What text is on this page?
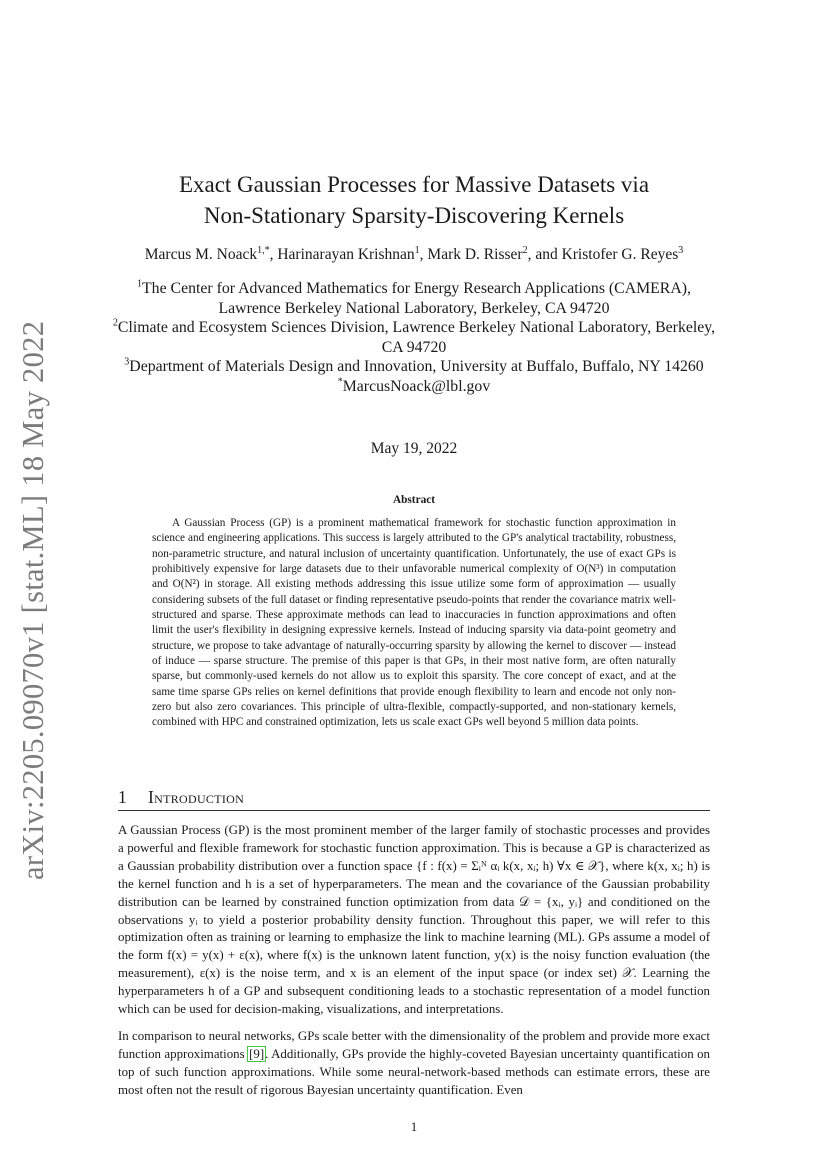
arXiv:2205.09070v1 [stat.ML] 18 May 2022
Exact Gaussian Processes for Massive Datasets via
Non-Stationary Sparsity-Discovering Kernels
Marcus M. Noack$^{1,*}$, Harinarayan Krishnan$^1$, Mark D. Risser$^2$, and Kristofer G. Reyes$^3$
$^1$The Center for Advanced Mathematics for Energy Research Applications (CAMERA), Lawrence Berkeley National Laboratory, Berkeley, CA 94720
$^2$Climate and Ecosystem Sciences Division, Lawrence Berkeley National Laboratory, Berkeley, CA 94720
$^3$Department of Materials Design and Innovation, University at Buffalo, Buffalo, NY 14260
*MarcusNoack@lbl.gov
May 19, 2022
Abstract
A Gaussian Process (GP) is a prominent mathematical framework for stochastic function approximation in science and engineering applications. This success is largely attributed to the GP's analytical tractability, robustness, non-parametric structure, and natural inclusion of uncertainty quantification. Unfortunately, the use of exact GPs is prohibitively expensive for large datasets due to their unfavorable numerical complexity of O(N³) in computation and O(N²) in storage. All existing methods addressing this issue utilize some form of approximation — usually considering subsets of the full dataset or finding representative pseudo-points that render the covariance matrix well-structured and sparse. These approximate methods can lead to inaccuracies in function approximations and often limit the user's flexibility in designing expressive kernels. Instead of inducing sparsity via data-point geometry and structure, we propose to take advantage of naturally-occurring sparsity by allowing the kernel to discover — instead of induce — sparse structure. The premise of this paper is that GPs, in their most native form, are often naturally sparse, but commonly-used kernels do not allow us to exploit this sparsity. The core concept of exact, and at the same time sparse GPs relies on kernel definitions that provide enough flexibility to learn and encode not only non-zero but also zero covariances. This principle of ultra-flexible, compactly-supported, and non-stationary kernels, combined with HPC and constrained optimization, lets us scale exact GPs well beyond 5 million data points.
1 Introduction
A Gaussian Process (GP) is the most prominent member of the larger family of stochastic processes and provides a powerful and flexible framework for stochastic function approximation. This is because a GP is characterized as a Gaussian probability distribution over a function space {f : f(x) = Σᵢᴺ αᵢ k(x, xᵢ; h) ∀x ∈ 𝒳}, where k(x, xᵢ; h) is the kernel function and h is a set of hyperparameters. The mean and the covariance of the Gaussian probability distribution can be learned by constrained function optimization from data 𝒟 = {xᵢ, yᵢ} and conditioned on the observations yᵢ to yield a posterior probability density function. Throughout this paper, we will refer to this optimization often as training or learning to emphasize the link to machine learning (ML). GPs assume a model of the form f(x) = y(x) + ε(x), where f(x) is the unknown latent function, y(x) is the noisy function evaluation (the measurement), ε(x) is the noise term, and x is an element of the input space (or index set) 𝒳. Learning the hyperparameters h of a GP and subsequent conditioning leads to a stochastic representation of a model function which can be used for decision-making, visualizations, and interpretations.
In comparison to neural networks, GPs scale better with the dimensionality of the problem and provide more exact function approximations [9]. Additionally, GPs provide the highly-coveted Bayesian uncertainty quantification on top of such function approximations. While some neural-network-based methods can estimate errors, these are most often not the result of rigorous Bayesian uncertainty quantification. Even
1
